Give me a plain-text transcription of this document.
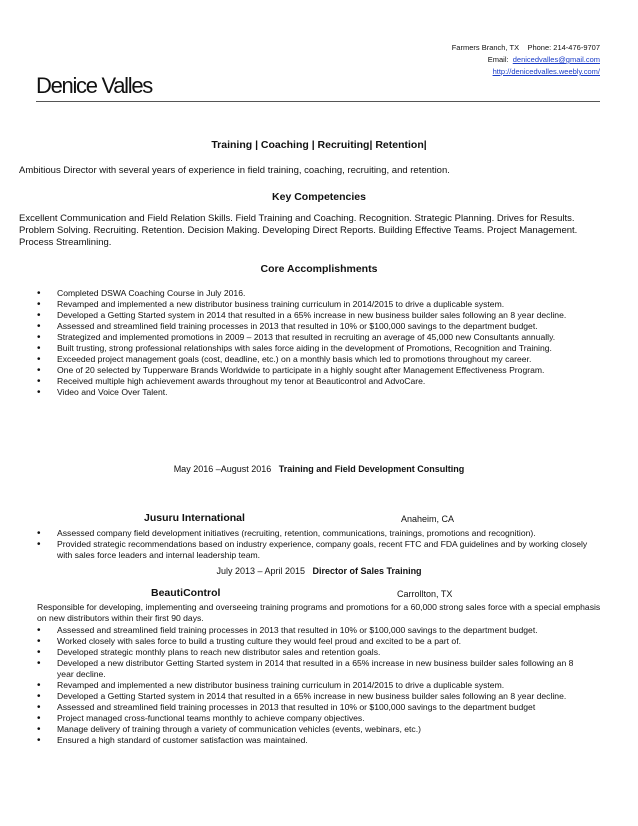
Farmers Branch, TX Phone: 214-476-9707
Email: denicedvalles@gmail.com
http://denicedvalles.weebly.com/
Denice Valles
Training | Coaching | Recruiting| Retention|
Ambitious Director with several years of experience in field training, coaching, recruiting, and retention.
Key Competencies
Excellent Communication and Field Relation Skills. Field Training and Coaching. Recognition. Strategic Planning. Drives for Results. Problem Solving. Recruiting. Retention. Decision Making. Developing Direct Reports. Building Effective Teams. Project Management. Process Streamlining.
Core Accomplishments
• Completed DSWA Coaching Course in July 2016.
• Revamped and implemented a new distributor business training curriculum in 2014/2015 to drive a duplicable system.
• Developed a Getting Started system in 2014 that resulted in a 65% increase in new business builder sales following an 8 year decline.
• Assessed and streamlined field training processes in 2013 that resulted in 10% or $100,000 savings to the department budget.
• Strategized and implemented promotions in 2009 – 2013 that resulted in recruiting an average of 45,000 new Consultants annually.
• Built trusting, strong professional relationships with sales force aiding in the development of Promotions, Recognition and Training.
• Exceeded project management goals (cost, deadline, etc.) on a monthly basis which led to promotions throughout my career.
• One of 20 selected by Tupperware Brands Worldwide to participate in a highly sought after Management Effectiveness Program.
• Received multiple high achievement awards throughout my tenor at Beauticontrol and AdvoCare.
• Video and Voice Over Talent.
May 2016 –August 2016 Training and Field Development Consulting
Jusuru International	Anaheim, CA
• Assessed company field development initiatives (recruiting, retention, communications, trainings, promotions and recognition).
• Provided strategic recommendations based on industry experience, company goals, recent FTC and FDA guidelines and by working closely with sales force leaders and internal leadership team.
July 2013 – April 2015 Director of Sales Training
BeautiControl	Carrollton, TX
Responsible for developing, implementing and overseeing training programs and promotions for a 60,000 strong sales force with a special emphasis on new distributors within their first 90 days.
• Assessed and streamlined field training processes in 2013 that resulted in 10% or $100,000 savings to the department budget.
• Worked closely with sales force to build a trusting culture they would feel proud and excited to be a part of.
• Developed strategic monthly plans to reach new distributor sales and retention goals.
• Developed a new distributor Getting Started system in 2014 that resulted in a 65% increase in new business builder sales following an 8 year decline.
• Revamped and implemented a new distributor business training curriculum in 2014/2015 to drive a duplicable system.
• Developed a Getting Started system in 2014 that resulted in a 65% increase in new business builder sales following an 8 year decline.
• Assessed and streamlined field training processes in 2013 that resulted in 10% or $100,000 savings to the department budget
• Project managed cross-functional teams monthly to achieve company objectives.
• Manage delivery of training through a variety of communication vehicles (events, webinars, etc.)
• Ensured a high standard of customer satisfaction was maintained.
